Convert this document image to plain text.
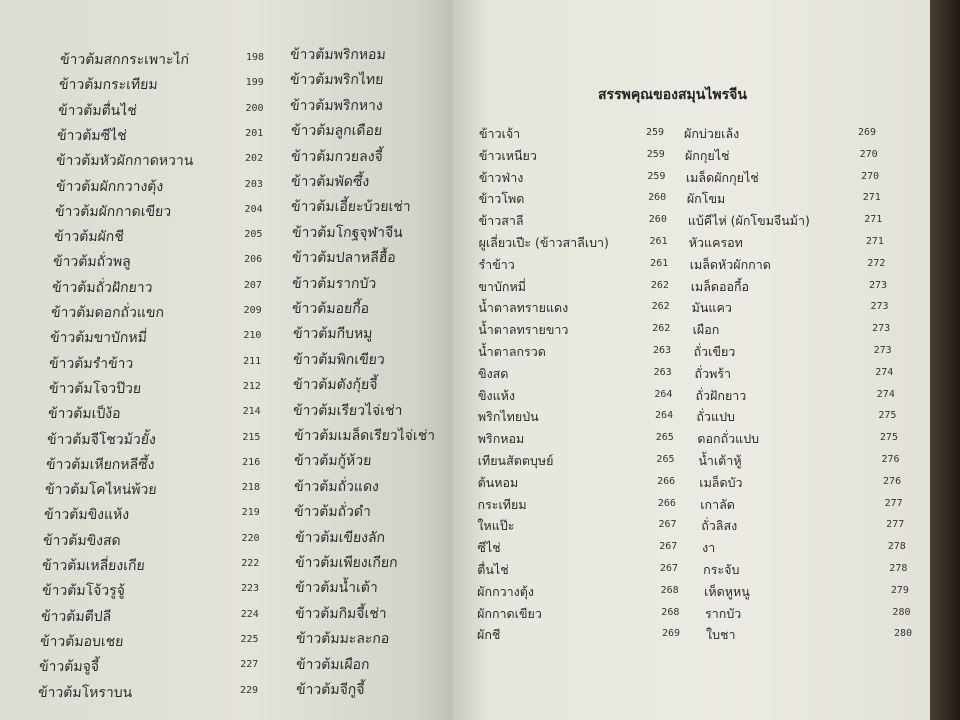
สรรพคุณของสมุนไพรจีน
ข้าวต้มสกกระเพาะไก่	198
ข้าวต้มกระเทียม	199
ข้าวต้มตื่นไช่	200
ข้าวต้มซีไช่	201
ข้าวต้มหัวผักกาดหวาน	202
ข้าวต้มผักกวางตุ้ง	203
ข้าวต้มผักกาดเขียว	204
ข้าวต้มผักชี	205
ข้าวต้มถั่วพลู	206
ข้าวต้มถั่วฝักยาว	207
ข้าวต้มดอกถั่วแขก	209
ข้าวต้มขาบักหมี่	210
ข้าวต้มรำข้าว	211
ข้าวต้มโจวป๊วย	212
ข้าวต้มเป็ง้อ	214
ข้าวต้มจีโชวม้วยั้ง	215
ข้าวต้มเหียกหลีซึ้ง	216
ข้าวต้มโคไหน่พ้วย	218
ข้าวต้มขิงแห้ง	219
ข้าวต้มขิงสด	220
ข้าวต้มเหลี่ยงเกีย	222
ข้าวต้มโจ้วรูจู้	223
ข้าวต้มตีปลี	224
ข้าวต้มอบเชย	225
ข้าวต้มจูจี้	227
ข้าวต้มโหราบน	229
ข้าวต้มพริกหอม
ข้าวต้มพริกไทย
ข้าวต้มพริกหาง
ข้าวต้มลูกเดือย
ข้าวต้มกวยลงจี้
ข้าวต้มพัดซึ้ง
ข้าวต้มเอี้ยะบ้วยเช่า
ข้าวต้มโกฐจุฬาจีน
ข้าวต้มปลาหลีฮื้อ
ข้าวต้มรากบัว
ข้าวต้มอยกี้อ
ข้าวต้มกีบหมู
ข้าวต้มพิกเขียว
ข้าวต้มตังกุ้ยจี้
ข้าวต้มเรียวไจ่เช่า
ข้าวต้มเมล็ดเรียวไจ่เช่า
ข้าวต้มกู้ห้วย
ข้าวต้มถั่วแดง
ข้าวต้มถั่วดำ
ข้าวต้มเขียงลัก
ข้าวต้มเพียงเกียก
ข้าวต้มน้ำเต้า
ข้าวต้มกิมจี้เช่า
ข้าวต้มมะละกอ
ข้าวต้มเผือก
ข้าวต้มจีกูจี้
ข้าวเจ้า	259
ข้าวเหนียว	259
ข้าวฟ่าง	259
ข้าวโพด	260
ข้าวสาลี	260
ผูเลี่ยวเปีะ (ข้าวสาลีเบา)	261
รำข้าว	261
ขาบักหมี่	262
น้ำตาลทรายแดง	262
น้ำตาลทรายขาว	262
น้ำตาลกรวด	263
ขิงสด	263
ขิงแห้ง	264
พริกไทยป่น	264
พริกหอม	265
เทียนสัตตบุษย์	265
ต้นหอม	266
กระเทียม	266
ใหแป๊ะ	267
ซีไช่	267
ตื่นไช่	267
ผักกวางตุ้ง	268
ผักกาดเขียว	268
ผักชี	269
ผักบ่วยเล้ง	269
ผักกุยไช่	270
เมล็ดผักกุยไช่	270
ผักโขม	271
แบ้คีไห่ (ผักโขมจีนม้า)	271
หัวแครอท	271
เมล็ดหัวผักกาด	272
เมล็ดออกี้อ	273
มันแคว	273
เผือก	273
ถั่วเขียว	273
ถั่วพร้า	274
ถั่วฝักยาว	274
ถั่วแปบ	275
ดอกถั่วแปบ	275
น้ำเต้าหู้	276
เมล็ดบัว	276
เกาลัด	277
ถั่วลิสง	277
งา	278
กระจับ	278
เห็ดหูหนู	279
รากบัว	280
ใบชา	280
